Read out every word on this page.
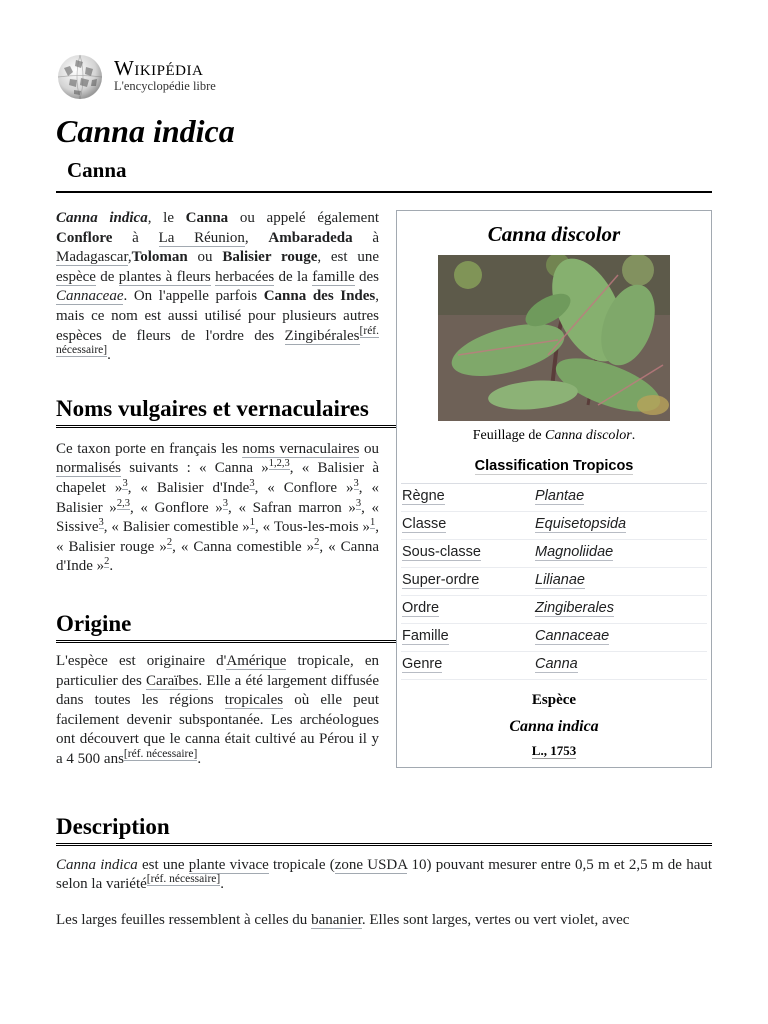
Wikipédia
L'encyclopédie libre
Canna indica
Canna
Canna discolor
Feuillage de Canna discolor.
Classification Tropicos
Règne	Plantae
Classe	Equisetopsida
Sous-classe	Magnoliidae
Super-ordre	Lilianae
Ordre	Zingiberales
Famille	Cannaceae
Genre	Canna
Espèce
Canna indica
L., 1753

Canna indica, le Canna ou appelé également Conflore à La Réunion, Ambaradeda à Madagascar,Toloman ou Balisier rouge, est une espèce de plantes à fleurs herbacées de la famille des Cannaceae. On l'appelle parfois Canna des Indes, mais ce nom est aussi utilisé pour plusieurs autres espèces de fleurs de l'ordre des Zingibérales[réf. nécessaire].

Noms vulgaires et vernaculaires

Ce taxon porte en français les noms vernaculaires ou normalisés suivants : « Canna »$^{1,2,3}$, « Balisier à chapelet »$^3$, « Balisier d'Inde$^3$, « Conflore »$^3$, « Balisier »$^{2,3}$, « Gonflore »$^3$, « Safran marron »$^3$, « Sissive$^3$, « Balisier comestible »$^1$, « Tous-les-mois »$^1$, « Balisier rouge »$^2$, « Canna comestible »$^2$, « Canna d'Inde »$^2$.

Origine

L'espèce est originaire d'Amérique tropicale, en particulier des Caraïbes. Elle a été largement diffusée dans toutes les régions tropicales où elle peut facilement devenir subspontanée. Les archéologues ont découvert que le canna était cultivé au Pérou il y a 4 500 ans[réf. nécessaire].

Description

Canna indica est une plante vivace tropicale (zone USDA 10) pouvant mesurer entre 0,5 m et 2,5 m de haut selon la variété[réf. nécessaire].

Les larges feuilles ressemblent à celles du bananier. Elles sont larges, vertes ou vert violet, avec
